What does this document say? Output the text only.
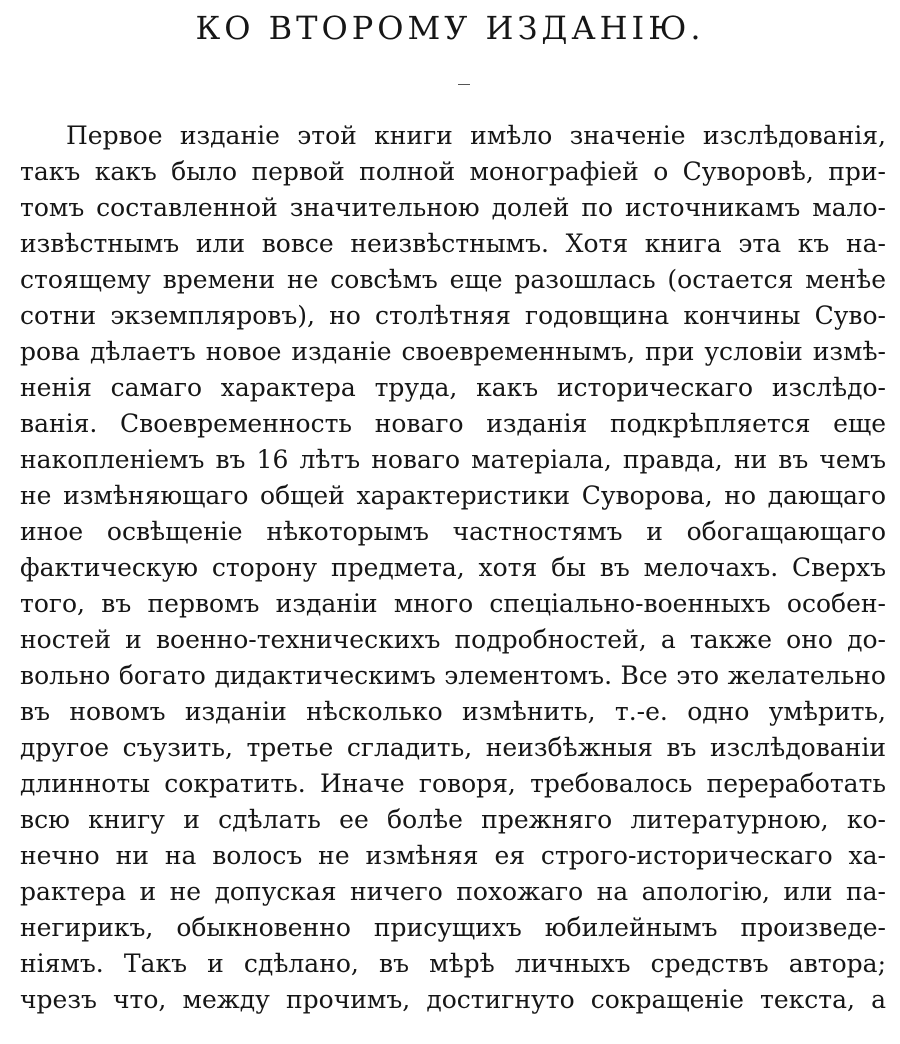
КО ВТОРОМУ ИЗДАНІЮ.
Первое изданіе этой книги имѣло значеніе изслѣдованія,
такъ какъ было первой полной монографіей о Суворовѣ, при-
томъ составленной значительною долей по источникамъ мало-
извѣстнымъ или вовсе неизвѣстнымъ. Хотя книга эта къ на-
стоящему времени не совсѣмъ еще разошлась (остается менѣе
сотни экземпляровъ), но столѣтняя годовщина кончины Суво-
рова дѣлаетъ новое изданіе своевременнымъ, при условіи измѣ-
ненія самаго характера труда, какъ историческаго изслѣдо-
ванія. Своевременность новаго изданія подкрѣпляется еще
накопленіемъ въ 16 лѣтъ новаго матеріала, правда, ни въ чемъ
не измѣняющаго общей характеристики Суворова, но дающаго
иное освѣщеніе нѣкоторымъ частностямъ и обогащающаго
фактическую сторону предмета, хотя бы въ мелочахъ. Сверхъ
того, въ первомъ изданіи много спеціально-военныхъ особен-
ностей и военно-техническихъ подробностей, а также оно до-
вольно богато дидактическимъ элементомъ. Все это желательно
въ новомъ изданіи нѣсколько измѣнить, т.-е. одно умѣрить,
другое съузить, третье сгладить, неизбѣжныя въ изслѣдованіи
длинноты сократить. Иначе говоря, требовалось переработать
всю книгу и сдѣлать ее болѣе прежняго литературною, ко-
нечно ни на волосъ не измѣняя ея строго-историческаго ха-
рактера и не допуская ничего похожаго на апологію, или па-
негирикъ, обыкновенно присущихъ юбилейнымъ произведе-
ніямъ. Такъ и сдѣлано, въ мѣрѣ личныхъ средствъ автора;
чрезъ что, между прочимъ, достигнуто сокращеніе текста, а
